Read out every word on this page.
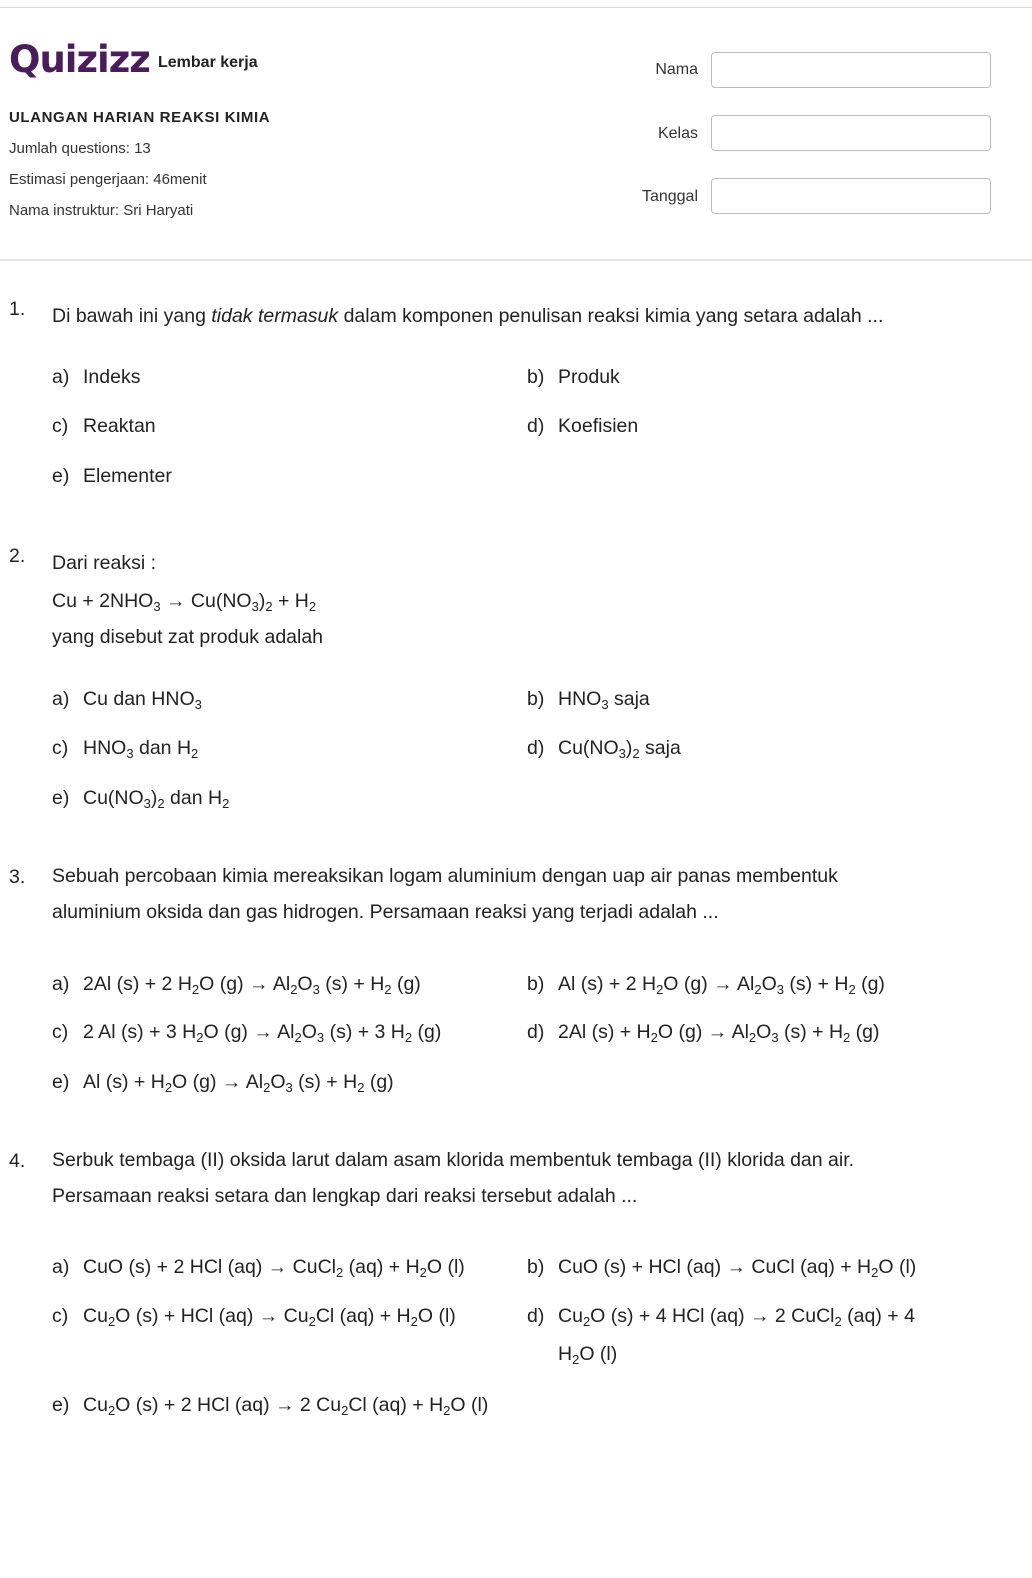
Quizizz Lembar kerja
ULANGAN HARIAN REAKSI KIMIA
Jumlah questions: 13
Estimasi pengerjaan: 46menit
Nama instruktur: Sri Haryati
Nama
Kelas
Tanggal
1. Di bawah ini yang tidak termasuk dalam komponen penulisan reaksi kimia yang setara adalah ...
a) Indeks	b) Produk
c) Reaktan	d) Koefisien
e) Elementer
2. Dari reaksi :
$Cu + 2NHO_3 \to Cu(NO_3)_2 + H_2$
yang disebut zat produk adalah
a) Cu dan $HNO_3$	b) $HNO_3$ saja
c) $HNO_3$ dan $H_2$	d) $Cu(NO_3)_2$ saja
e) $Cu(NO_3)_2$ dan $H_2$
3. Sebuah percobaan kimia mereaksikan logam aluminium dengan uap air panas membentuk aluminium oksida dan gas hidrogen. Persamaan reaksi yang terjadi adalah ...
a) 2Al (s) + 2 $H_2O$ $(g) \to Al_2O_3$ $(s) + H_2$ (g)	b) Al (s) + 2 $H_2O$ $(g) \to Al_2O_3$ $(s) + H_2$ (g)
c) 2 Al (s) + 3 $H_2O$ $(g) \to Al_2O_3$ (s) + 3 $H_2$ (g)	d) 2Al $(s) + H_2O$ $(g) \to Al_2O_3$ $(s) + H_2$ (g)
e) Al $(s) + H_2O$ $(g) \to Al_2O_3$ $(s) + H_2$ (g)
4. Serbuk tembaga (II) oksida larut dalam asam klorida membentuk tembaga (II) klorida dan air. Persamaan reaksi setara dan lengkap dari reaksi tersebut adalah ...
a) CuO (s) + 2 HCl (aq) → CuCl$_2$ $(aq) + H_2O$ (l)	b) CuO (s) + HCl (aq) → CuCl $(aq) + H_2O$ (l)
c) $Cu_2O$ (s) + HCl $(aq) \to Cu_2Cl$ $(aq) + H_2O$ (l)	d) $Cu_2O$ (s) + 4 HCl (aq) → 2 CuCl$_2$ (aq) + 4 $H_2O$ (l)
e) $Cu_2O$ (s) + 2 HCl (aq) → 2 $Cu_2Cl$ $(aq) + H_2O$ (l)
